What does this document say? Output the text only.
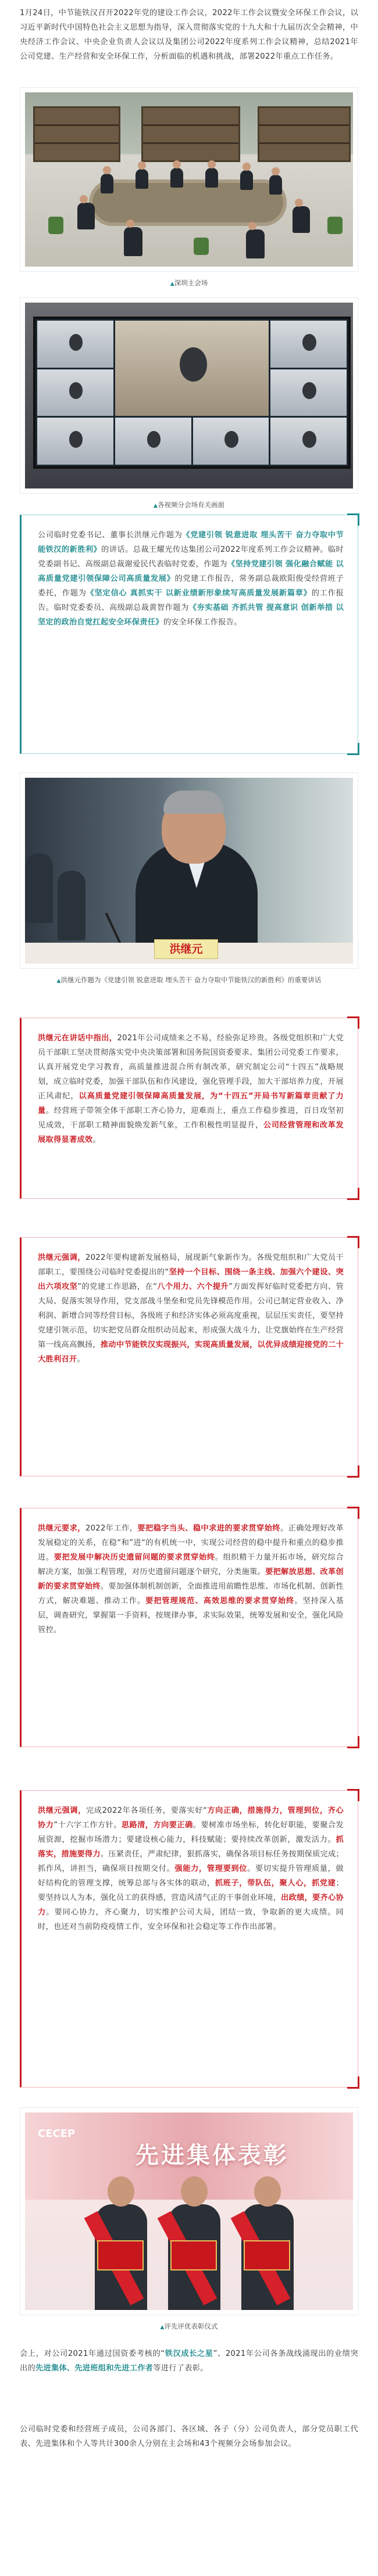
1月24日，中节能铁汉召开2022年党的建设工作会议，2022年工作会议暨安全环保工作会议，以习近平新时代中国特色社会主义思想为指导，深入贯彻落实党的十九大和十九届历次全会精神，中央经济工作会议、中央企业负责人会议以及集团公司2022年度系列工作会议精神，总结2021年公司党建、生产经营和安全环保工作，分析面临的机遇和挑战，部署2022年重点工作任务。

▲ 深圳主会场

▲ 各视频分会场有关画面

公司临时党委书记、董事长洪继元作题为《党建引领 锐意进取 埋头苦干 奋力夺取中节能铁汉的新胜利》的讲话。总裁王耀光传达集团公司2022年度系列工作会议精神。临时党委副书记、高级副总裁谢爱民代表临时党委，作题为《坚持党建引领 强化融合赋能 以高质量党建引领保障公司高质量发展》的党建工作报告，常务副总裁欧阳俊受经营班子委托，作题为《坚定信心 真抓实干 以新业绩新形象续写高质量发展新篇章》的工作报告。临时党委委员、高级副总裁黄智作题为《夯实基础 齐抓共管 提高意识 创新举措 以坚定的政治自觉扛起安全环保责任》的安全环保工作报告。

洪继元

▲ 洪继元作题为《党建引领 锐意进取 埋头苦干 奋力夺取中节能铁汉的新胜利》的重要讲话

洪继元在讲话中指出，2021年公司成绩来之不易，经验弥足珍贵。各级党组织和广大党员干部职工坚决贯彻落实党中央决策部署和国务院国资委要求、集团公司党委工作要求，认真开展党史学习教育，高质量推进混合所有制改革，研究制定公司“十四五”战略规划，成立临时党委，加强干部队伍和作风建设，强化管理手段，加大干部培养力度，开展正风肃纪，以高质量党建引领保障高质量发展，为“十四五”开局书写新篇章贡献了力量。经营班子带领全体干部职工齐心协力，迎难而上，重点工作稳步推进，百日攻坚初见成效，干部职工精神面貌焕发新气象，工作积极性明显提升，公司经营管理和改革发展取得显著成效。

洪继元强调，2022年要构建新发展格局，展现新气象新作为。各级党组织和广大党员干部职工，要围绕公司临时党委提出的“坚持一个目标、围绕一条主线、加强六个建设、突出六项攻坚”的党建工作思路，在“八个用力、六个提升”方面发挥好临时党委把方向、管大局、促落实领导作用，党支部战斗堡垒和党员先锋模范作用。公司已制定营业收入、净利润、新增合同等经营目标，各级班子和经济实体必须高度重视，层层压实责任，要坚持党建引领示范，切实把党员群众组织动员起来，形成强大战斗力，让党旗始终在生产经营第一线高高飘扬，推动中节能铁汉实现振兴，实现高质量发展，以优异成绩迎接党的二十大胜利召开。

洪继元要求，2022年工作，要把稳字当头、稳中求进的要求贯穿始终。正确处理好改革发展稳定的关系，在稳“和”进“的有机统一中，实现公司经营的稳中提升和重点的稳步推进。要把发展中解决历史遗留问题的要求贯穿始终。组织精干力量开拓市场，研究综合解决方案，加强工程管理，对历史遗留问题逐个研究，分类施策。要把解放思想、改革创新的要求贯穿始终。要加强体制机制创新，全面推进用前瞻性思维、市场化机制、创新性方式，解决难题、推动工作。要把管理规范、高效思维的要求贯穿始终。坚持深入基层，调查研究，掌握第一手资料，按规律办事，求实际效果，统筹发展和安全，强化风险管控。

洪继元强调，完成2022年各项任务，要落实好“方向正确，措施得力，管理到位，齐心协力”十六字工作方针。思路清，方向要正确。要树准市场坐标，转化好职能，要聚合发展资源，挖掘市场潜力；要建设核心能力，科技赋能；要持续改革创新，激发活力。抓落实，措施要得力。压紧责任，严肃纪律，狠抓落实，确保各项目标任务按期保质完成；抓作风，讲担当，确保项目按期交付。强能力，管理要到位。要切实提升管理质量，做好结构化的管理支撑，统筹总部与各实体的联动，抓班子，带队伍，聚人心，抓党建；要坚持以人为本，强化员工的获得感，营造风清气正的干事创业环境，出政绩，要齐心协力。要同心协力，齐心聚力，切实维护公司大局，团结一致，争取新的更大成绩。同时，也还对当前防疫疫情工作，安全环保和社会稳定等工作作出部署。

CECEP
先进集体表彰

▲ 评先评优表彰仪式

会上，对公司2021年通过国资委考核的“铁汉成长之星”、2021年公司各条战线涌现出的业绩突出的先进集体、先进班组和先进工作者等进行了表彰。

公司临时党委和经营班子成员，公司各部门、各区域、各子（分）公司负责人，部分党员职工代表、先进集体和个人等共计300余人分别在主会场和43个视频分会场参加会议。
